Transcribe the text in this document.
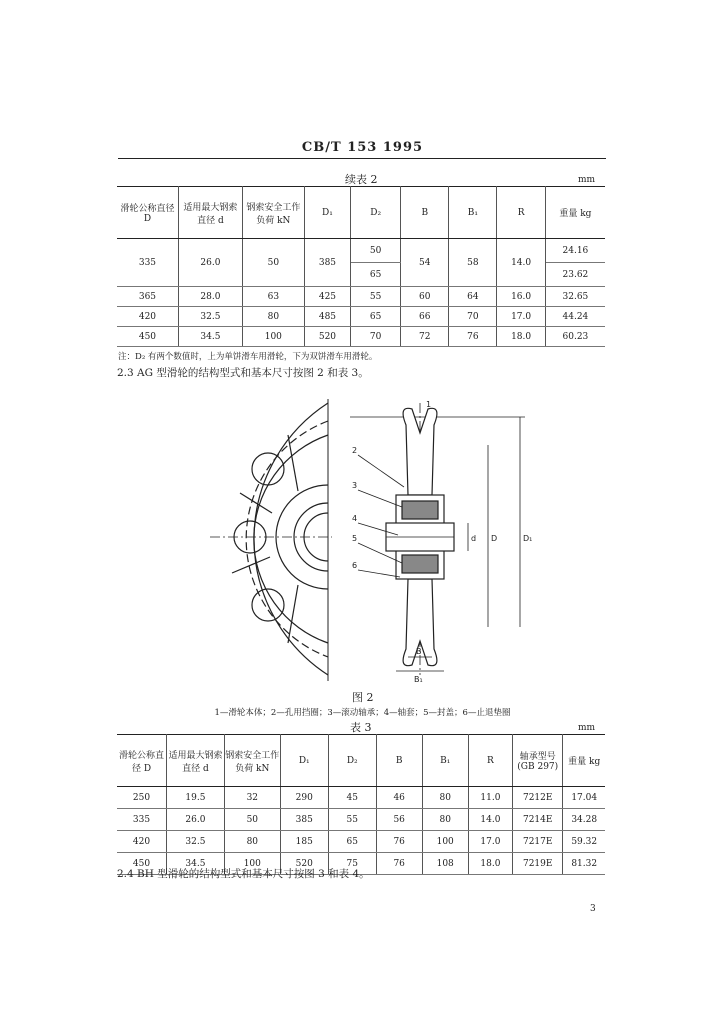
CB/T 153 1995
续表 2	mm
滑轮公称直径 D	适用最大钢索直径 d	钢索安全工作负荷 kN	D₁	D₂	B	B₁	R	重量 kg
335	26.0	50	385	50	54	58	14.0	24.16
				65				23.62
365	28.0	63	425	55	60	64	16.0	32.65
420	32.5	80	485	65	66	70	17.0	44.24
450	34.5	100	520	70	72	76	18.0	60.23
注：D₂ 有两个数值时，上为单饼滑车用滑轮，下为双饼滑车用滑轮。
2.3 AG 型滑轮的结构型式和基本尺寸按图 2 和表 3。
1
2
3
4
5
6
d D	D₁
B
B₁
图 2
1—滑轮本体；2—孔用挡圈；3—滚动轴承；4—轴套；5—封盖；6—止退垫圈
表 3	mm
滑轮公称直径 D	适用最大钢索直径 d	钢索安全工作负荷 kN	D₁	D₂	B	B₁	R	轴承型号 (GB 297)	重量 kg
250	19.5	32	290	45	46	80	11.0	7212E	17.04
335	26.0	50	385	55	56	80	14.0	7214E	34.28
420	32.5	80	185	65	76	100	17.0	7217E	59.32
450	34.5	100	520	75	76	108	18.0	7219E	81.32
2.4 BH 型滑轮的结构型式和基本尺寸按图 3 和表 4。
3
